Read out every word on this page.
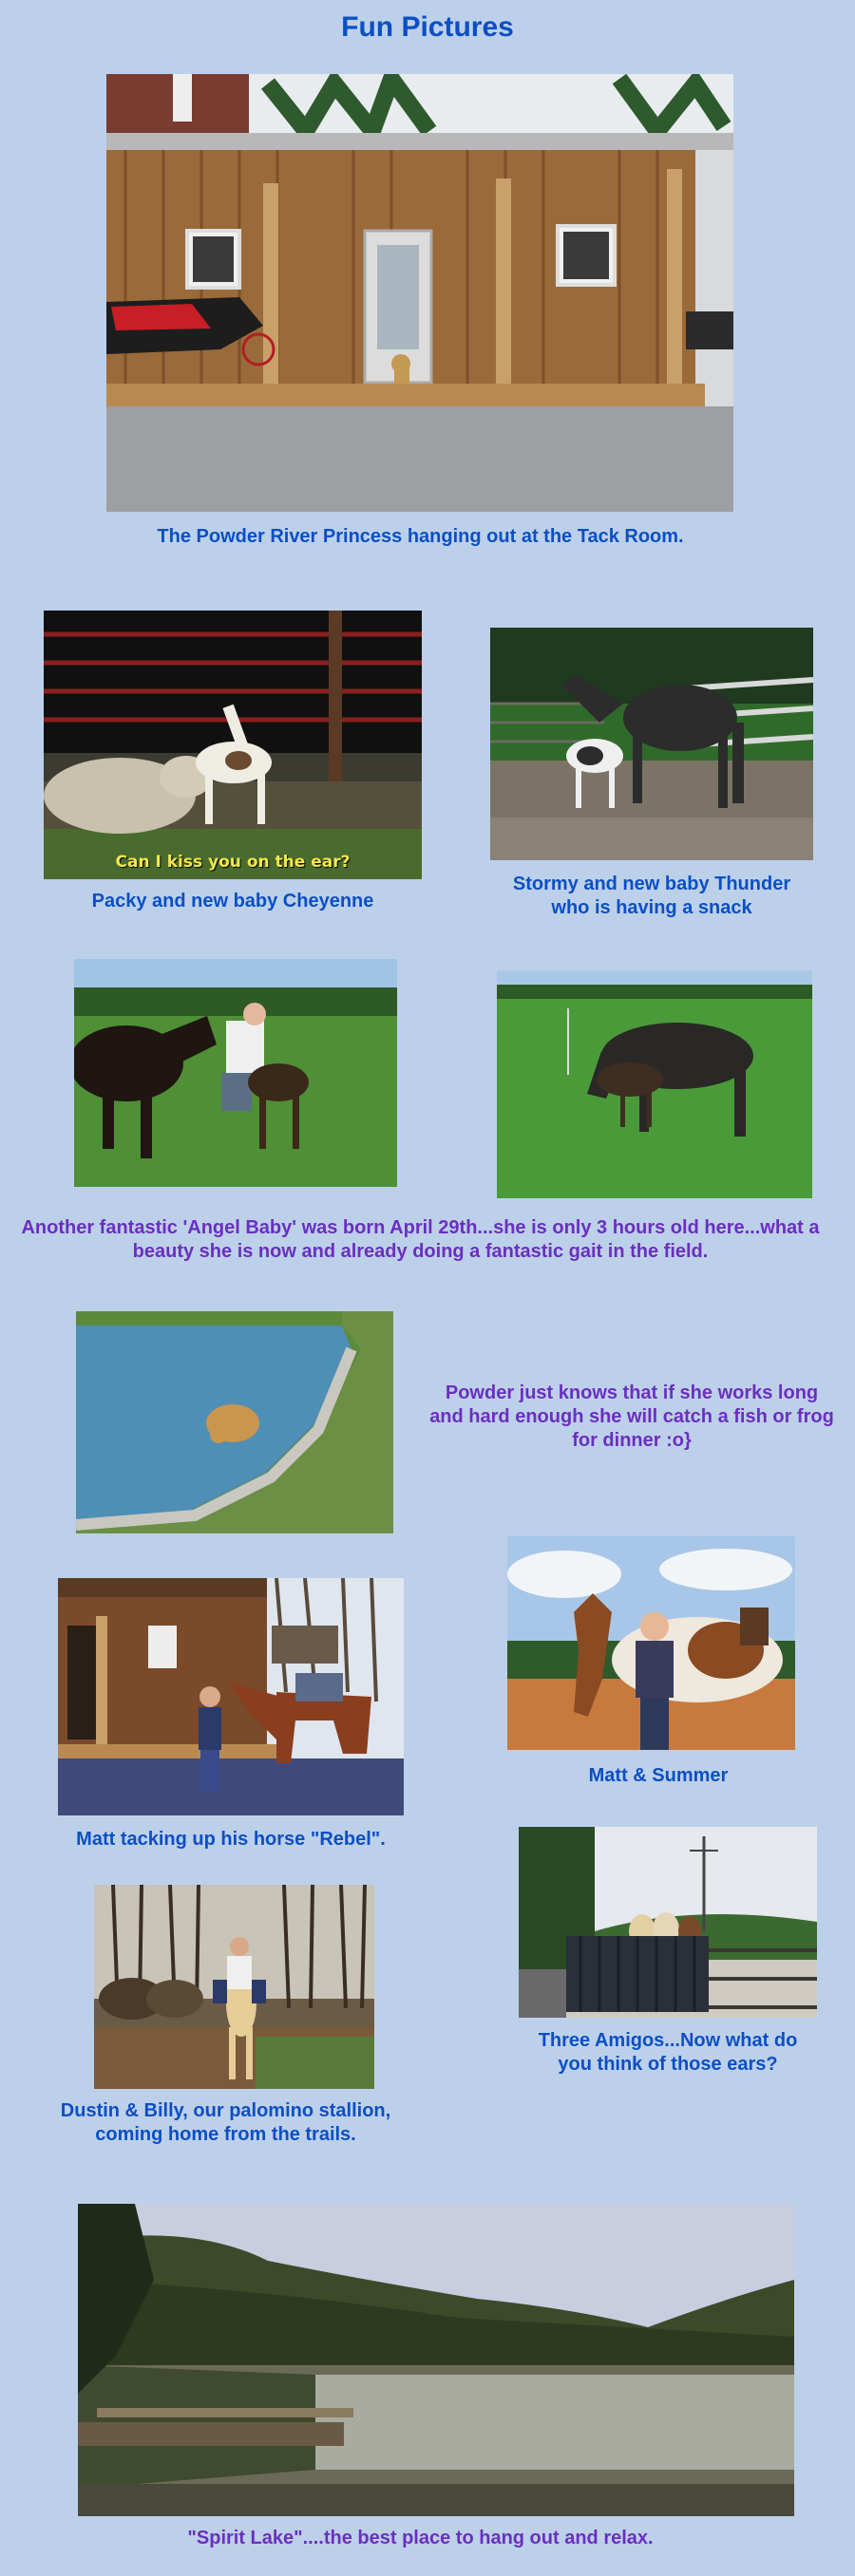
Fun Pictures
The Powder River Princess hanging out at the Tack Room.
Can I kiss you on the ear?
Packy and new baby Cheyenne
Stormy and new baby Thunder
who is having a snack
Another fantastic 'Angel Baby' was born April 29th...she is only 3 hours old here...what a
beauty she is now and already doing a fantastic gait in the field.
Powder just knows that if she works long
and hard enough she will catch a fish or frog
for dinner :o}
Matt & Summer
Matt tacking up his horse "Rebel".
Three Amigos...Now what do
you think of those ears?
Dustin & Billy, our palomino stallion,
coming home from the trails.
"Spirit Lake"....the best place to hang out and relax.
